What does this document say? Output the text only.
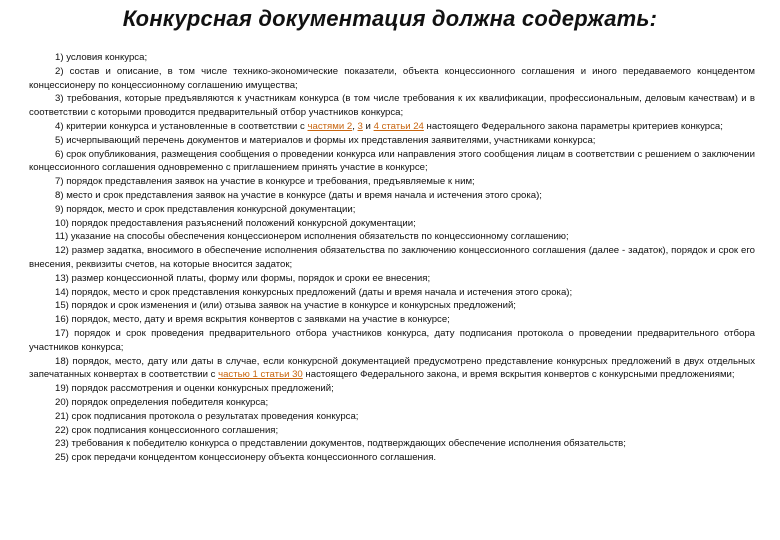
Конкурсная документация должна содержать:

1) условия конкурса;

2) состав и описание, в том числе технико-экономические показатели, объекта концессионного соглашения и иного передаваемого концедентом концессионеру по концессионному соглашению имущества;

3) требования, которые предъявляются к участникам конкурса (в том числе требования к их квалификации, профессиональным, деловым качествам) и в соответствии с которыми проводится предварительный отбор участников конкурса;

4) критерии конкурса и установленные в соответствии с частями 2, 3 и 4 статьи 24 настоящего Федерального закона параметры критериев конкурса;

5) исчерпывающий перечень документов и материалов и формы их представления заявителями, участниками конкурса;

6) срок опубликования, размещения сообщения о проведении конкурса или направления этого сообщения лицам в соответствии с решением о заключении концессионного соглашения одновременно с приглашением принять участие в конкурсе;

7) порядок представления заявок на участие в конкурсе и требования, предъявляемые к ним;

8) место и срок представления заявок на участие в конкурсе (даты и время начала и истечения этого срока);

9) порядок, место и срок представления конкурсной документации;

10) порядок предоставления разъяснений положений конкурсной документации;

11) указание на способы обеспечения концессионером исполнения обязательств по концессионному соглашению;

12) размер задатка, вносимого в обеспечение исполнения обязательства по заключению концессионного соглашения (далее - задаток), порядок и срок его внесения, реквизиты счетов, на которые вносится задаток;

13) размер концессионной платы, форму или формы, порядок и сроки ее внесения;

14) порядок, место и срок представления конкурсных предложений (даты и время начала и истечения этого срока);

15) порядок и срок изменения и (или) отзыва заявок на участие в конкурсе и конкурсных предложений;

16) порядок, место, дату и время вскрытия конвертов с заявками на участие в конкурсе;

17) порядок и срок проведения предварительного отбора участников конкурса, дату подписания протокола о проведении предварительного отбора участников конкурса;

18) порядок, место, дату или даты в случае, если конкурсной документацией предусмотрено представление конкурсных предложений в двух отдельных запечатанных конвертах в соответствии с частью 1 статьи 30 настоящего Федерального закона, и время вскрытия конвертов с конкурсными предложениями;

19) порядок рассмотрения и оценки конкурсных предложений;

20) порядок определения победителя конкурса;

21) срок подписания протокола о результатах проведения конкурса;

22) срок подписания концессионного соглашения;

23) требования к победителю конкурса о представлении документов, подтверждающих обеспечение исполнения обязательств;

25) срок передачи концедентом концессионеру объекта концессионного соглашения.
